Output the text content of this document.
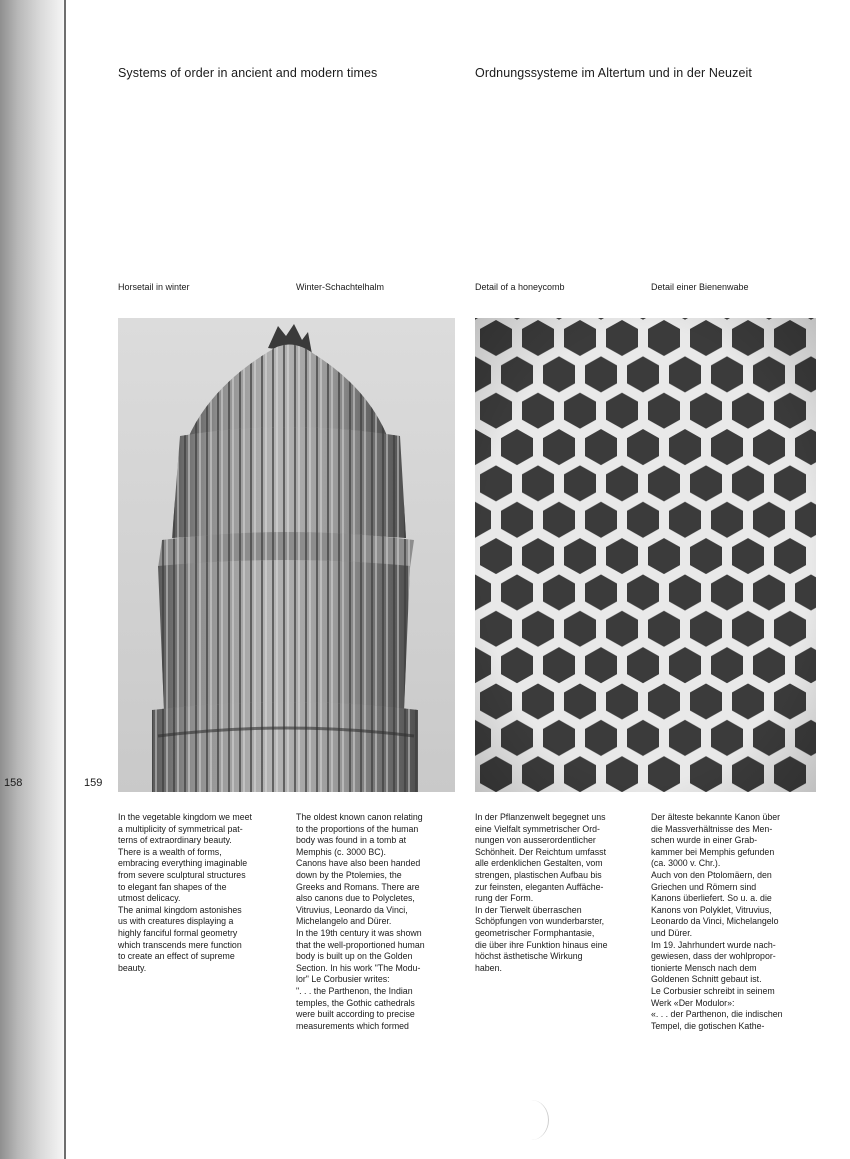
Systems of order in ancient and modern times	Ordnungssysteme im Altertum und in der Neuzeit
Horsetail in winter	Winter-Schachtelhalm	Detail of a honeycomb	Detail einer Bienenwabe
158	159
In the vegetable kingdom we meet
a multiplicity of symmetrical pat-
terns of extraordinary beauty.
There is a wealth of forms,
embracing everything imaginable
from severe sculptural structures
to elegant fan shapes of the
utmost delicacy.
The animal kingdom astonishes
us with creatures displaying a
highly fanciful formal geometry
which transcends mere function
to create an effect of supreme
beauty.
The oldest known canon relating
to the proportions of the human
body was found in a tomb at
Memphis (c. 3000 BC).
Canons have also been handed
down by the Ptolemies, the
Greeks and Romans. There are
also canons due to Polycletes,
Vitruvius, Leonardo da Vinci,
Michelangelo and Dürer.
In the 19th century it was shown
that the well-proportioned human
body is built up on the Golden
Section. In his work "The Modu-
lor" Le Corbusier writes:
". . . the Parthenon, the Indian
temples, the Gothic cathedrals
were built according to precise
measurements which formed
In der Pflanzenwelt begegnet uns
eine Vielfalt symmetrischer Ord-
nungen von ausserordentlicher
Schönheit. Der Reichtum umfasst
alle erdenklichen Gestalten, vom
strengen, plastischen Aufbau bis
zur feinsten, eleganten Auffäche-
rung der Form.
In der Tierwelt überraschen
Schöpfungen von wunderbarster,
geometrischer Formphantasie,
die über ihre Funktion hinaus eine
höchst ästhetische Wirkung
haben.
Der älteste bekannte Kanon über
die Massverhältnisse des Men-
schen wurde in einer Grab-
kammer bei Memphis gefunden
(ca. 3000 v. Chr.).
Auch von den Ptolomäern, den
Griechen und Römern sind
Kanons überliefert. So u. a. die
Kanons von Polyklet, Vitruvius,
Leonardo da Vinci, Michelangelo
und Dürer.
Im 19. Jahrhundert wurde nach-
gewiesen, dass der wohlpropor-
tionierte Mensch nach dem
Goldenen Schnitt gebaut ist.
Le Corbusier schreibt in seinem
Werk «Der Modulor»:
«. . . der Parthenon, die indischen
Tempel, die gotischen Kathe-
